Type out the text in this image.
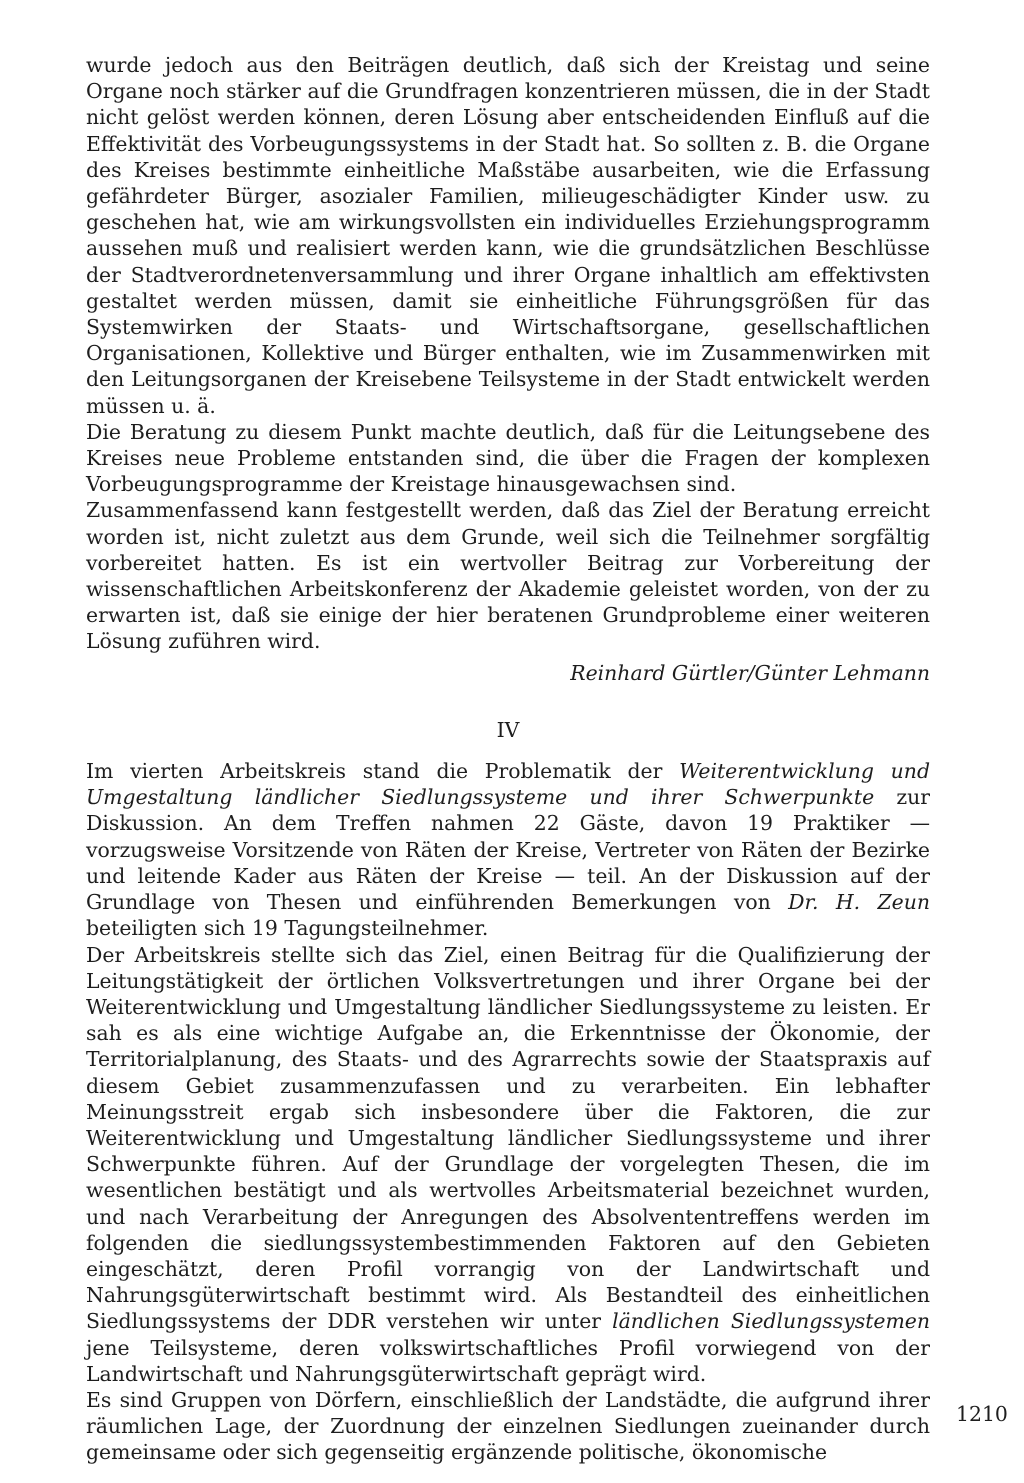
wurde jedoch aus den Beiträgen deutlich, daß sich der Kreistag und seine Organe noch stärker auf die Grundfragen konzentrieren müssen, die in der Stadt nicht gelöst werden können, deren Lösung aber entscheidenden Einfluß auf die Effektivität des Vorbeugungssystems in der Stadt hat. So sollten z. B. die Organe des Kreises bestimmte einheitliche Maßstäbe ausarbeiten, wie die Erfassung gefährdeter Bürger, asozialer Familien, milieugeschädigter Kinder usw. zu geschehen hat, wie am wirkungsvollsten ein individuelles Erziehungsprogramm aussehen muß und realisiert werden kann, wie die grundsätzlichen Beschlüsse der Stadtverordnetenversammlung und ihrer Organe inhaltlich am effektivsten gestaltet werden müssen, damit sie einheitliche Führungsgrößen für das Systemwirken der Staats- und Wirtschaftsorgane, gesellschaftlichen Organisationen, Kollektive und Bürger enthalten, wie im Zusammenwirken mit den Leitungsorganen der Kreisebene Teilsysteme in der Stadt entwickelt werden müssen u. ä.

Die Beratung zu diesem Punkt machte deutlich, daß für die Leitungsebene des Kreises neue Probleme entstanden sind, die über die Fragen der komplexen Vorbeugungsprogramme der Kreistage hinausgewachsen sind.

Zusammenfassend kann festgestellt werden, daß das Ziel der Beratung erreicht worden ist, nicht zuletzt aus dem Grunde, weil sich die Teilnehmer sorgfältig vorbereitet hatten. Es ist ein wertvoller Beitrag zur Vorbereitung der wissenschaftlichen Arbeitskonferenz der Akademie geleistet worden, von der zu erwarten ist, daß sie einige der hier beratenen Grundprobleme einer weiteren Lösung zuführen wird.

Reinhard Gürtler/Günter Lehmann

IV

Im vierten Arbeitskreis stand die Problematik der Weiterentwicklung und Umgestaltung ländlicher Siedlungssysteme und ihrer Schwerpunkte zur Diskussion. An dem Treffen nahmen 22 Gäste, davon 19 Praktiker — vorzugsweise Vorsitzende von Räten der Kreise, Vertreter von Räten der Bezirke und leitende Kader aus Räten der Kreise — teil. An der Diskussion auf der Grundlage von Thesen und einführenden Bemerkungen von Dr. H. Zeun beteiligten sich 19 Tagungsteilnehmer.

Der Arbeitskreis stellte sich das Ziel, einen Beitrag für die Qualifizierung der Leitungstätigkeit der örtlichen Volksvertretungen und ihrer Organe bei der Weiterentwicklung und Umgestaltung ländlicher Siedlungssysteme zu leisten. Er sah es als eine wichtige Aufgabe an, die Erkenntnisse der Ökonomie, der Territorialplanung, des Staats- und des Agrarrechts sowie der Staatspraxis auf diesem Gebiet zusammenzufassen und zu verarbeiten. Ein lebhafter Meinungsstreit ergab sich insbesondere über die Faktoren, die zur Weiterentwicklung und Umgestaltung ländlicher Siedlungssysteme und ihrer Schwerpunkte führen. Auf der Grundlage der vorgelegten Thesen, die im wesentlichen bestätigt und als wertvolles Arbeitsmaterial bezeichnet wurden, und nach Verarbeitung der Anregungen des Absolvententreffens werden im folgenden die siedlungssystembestimmenden Faktoren auf den Gebieten eingeschätzt, deren Profil vorrangig von der Landwirtschaft und Nahrungsgüterwirtschaft bestimmt wird. Als Bestandteil des einheitlichen Siedlungssystems der DDR verstehen wir unter ländlichen Siedlungssystemen jene Teilsysteme, deren volkswirtschaftliches Profil vorwiegend von der Landwirtschaft und Nahrungsgüterwirtschaft geprägt wird.

Es sind Gruppen von Dörfern, einschließlich der Landstädte, die aufgrund ihrer räumlichen Lage, der Zuordnung der einzelnen Siedlungen zueinander durch gemeinsame oder sich gegenseitig ergänzende politische, ökonomische

1210
